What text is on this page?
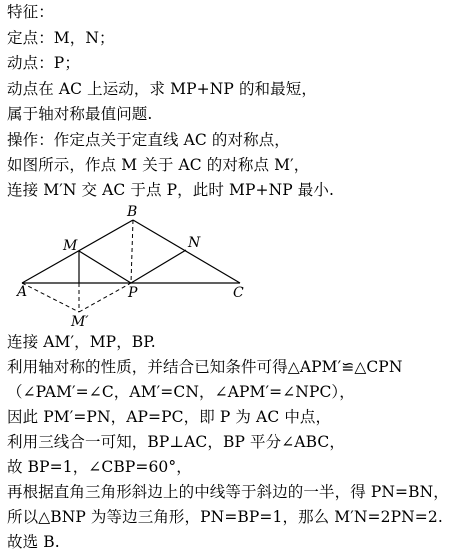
特征：
定点：M，N；
动点：P；
动点在 AC 上运动，求 MP+NP 的和最短，
属于轴对称最值问题.
操作：作定点关于定直线 AC 的对称点，
如图所示，作点 M 关于 AC 的对称点 M′，
连接 M′N 交 AC 于点 P，此时 MP+NP 最小.
B
M	N
A	P	C
M′
连接 AM′，MP，BP.
利用轴对称的性质，并结合已知条件可得△APM′≌△CPN
（∠PAM′=∠C，AM′=CN，∠APM′=∠NPC），
因此 PM′=PN，AP=PC，即 P 为 AC 中点，
利用三线合一可知，BP⊥AC，BP 平分∠ABC，
故 BP=1，∠CBP=60°，
再根据直角三角形斜边上的中线等于斜边的一半，得 PN=BN，
所以△BNP 为等边三角形，PN=BP=1，那么 M′N=2PN=2.
故选 B.
